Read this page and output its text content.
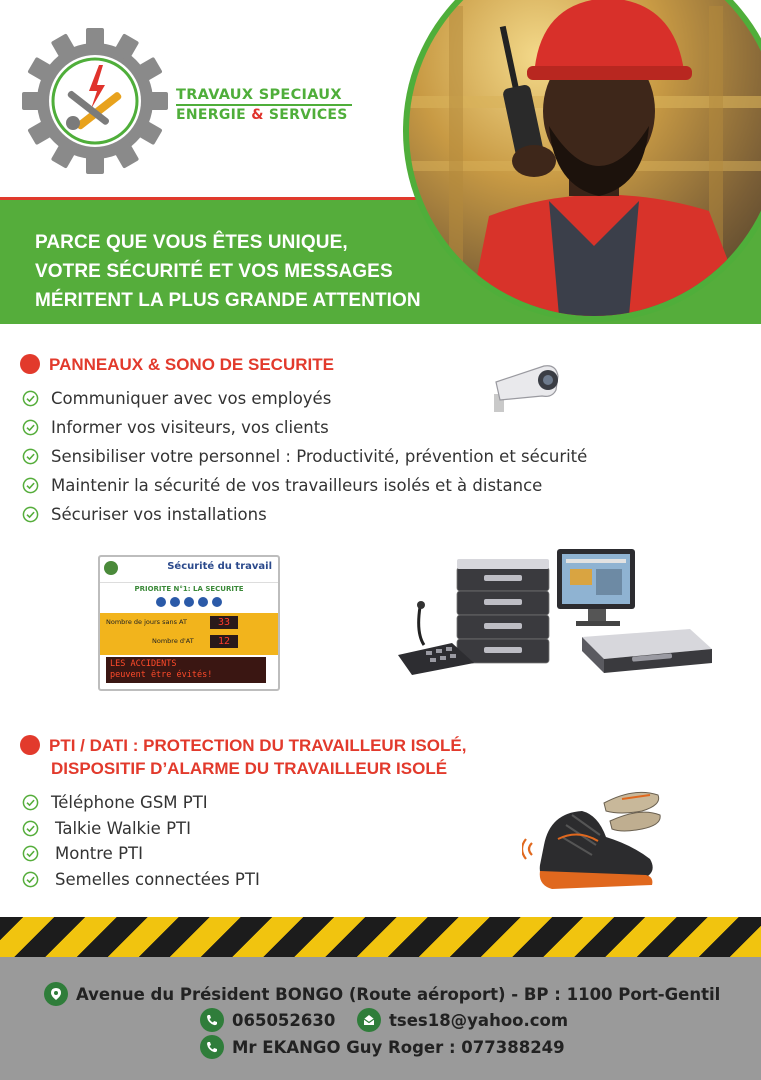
TRAVAUX SPECIAUX
ENERGIE & SERVICES
PARCE QUE VOUS ÊTES UNIQUE,
VOTRE SÉCURITÉ ET VOS MESSAGES
MÉRITENT LA PLUS GRANDE ATTENTION
PANNEAUX & SONO DE SECURITE
Communiquer avec vos employés
Informer vos visiteurs, vos clients
Sensibiliser votre personnel : Productivité, prévention et sécurité
Maintenir la sécurité de vos travailleurs isolés et à distance
Sécuriser vos installations
Sécurité du travail
PRIORITE N°1: LA SECURITE
Nombre de jours sans AT	33
Nombre d'AT	12
LES ACCIDENTS
peuvent être évités!
PTI / DATI : PROTECTION DU TRAVAILLEUR ISOLÉ,
DISPOSITIF D’ALARME DU TRAVAILLEUR ISOLÉ
Téléphone GSM PTI
Talkie Walkie PTI
Montre PTI
Semelles connectées PTI
Avenue du Président BONGO (Route aéroport) - BP : 1100 Port-Gentil
065052630	tses18@yahoo.com
Mr EKANGO Guy Roger : 077388249
